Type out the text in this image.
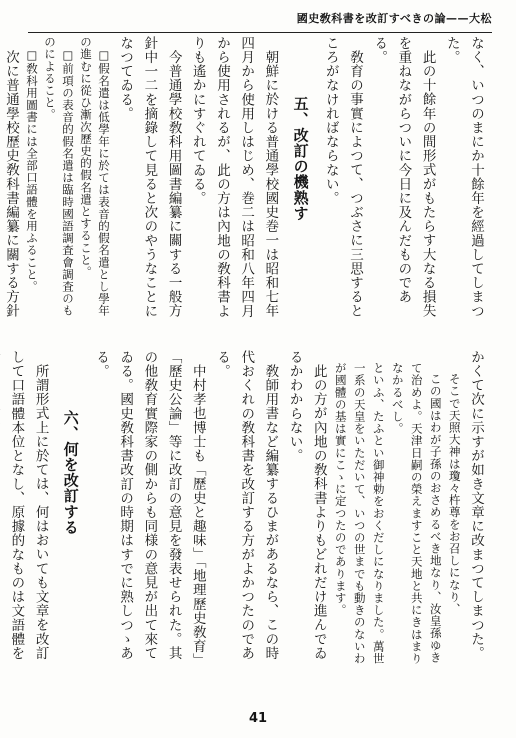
國史敎科書を改訂すべきの論——大松

なく、いつのまにか十餘年を經過してしまつた。

此の十餘年の間形式がもたらす大なる損失を重ねながらついに今日に及んだものである。

敎育の事實によつて、つぶさに三思するところがなければならない。

五、改訂の機熟す

朝鮮に於ける普通學校國史巻一は昭和七年四月から使用しはじめ、巻二は昭和八年四月から使用されるが、此の方は內地の敎科書よりも遙かにすぐれてゐる。

今普通學校敎科用圖書編纂に關する一般方針中一二を摘錄して見ると次のやうなことになつてゐる。

□假名遣は低學年に於ては表音的假名遣とし學年の進むに從ひ漸次歷史的假名遣とすること。

□前項の表音的假名遣は臨時國語調査會調査のものによること。

□敎科用圖書には全部口語體を用ふること。

次に普通學校歷史敎科書編纂に關する方針

かくて次に示すが如き文章に改まつてしまつた。

そこで天照大神は瓊々杵尊をお召しになり、

この國はわが子孫のおさめるべき地なり、汝皇孫ゆきて治めよ。天津日嗣の榮えますこと天地と共にきはまりなかるべし。

といふ、たふとい御神勅をおくだしになりました。萬世一系の天皇をいただいて、いつの世までも動きのないわが國體の基は實にこゝに定つたのであります。

此の方が內地の敎科書よりもどれだけ進んでゐるかわからない。

敎師用書など編纂するひまがあるなら、この時代おくれの敎科書を改訂する方がよかつたのである。

中村孝也博士も「歷史と趣味」「地理歷史敎育」「歷史公論」等に改訂の意見を發表せられた。其の他敎育實際家の側からも同様の意見が出て來てゐる。國史敎科書改訂の時期はすでに熟しつゝある。

六、何を改訂する

所謂形式上に於ては、何はおいても文章を改訂して口語體本位となし、原據的なものは文語體を

41
